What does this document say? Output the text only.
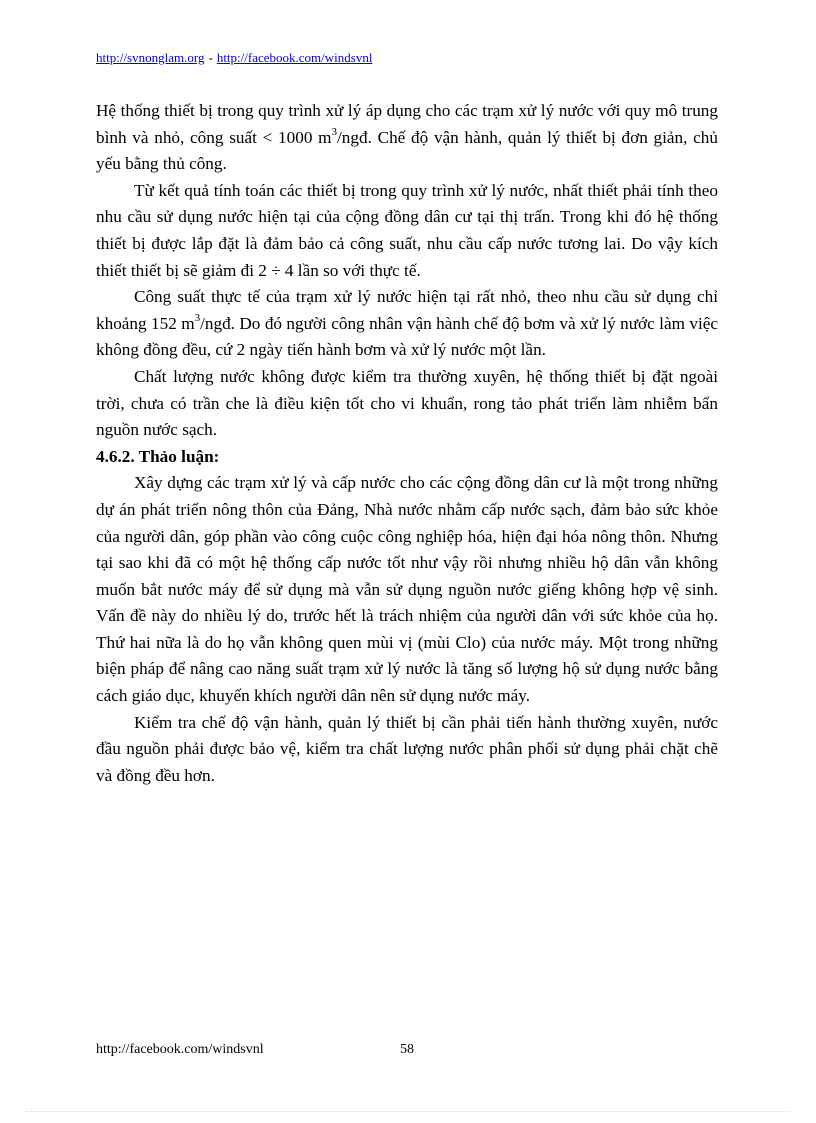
http://svnonglam.org - http://facebook.com/windsvnl

Hệ thống thiết bị trong quy trình xử lý áp dụng cho các trạm xử lý nước với quy mô trung bình và nhỏ, công suất < 1000 $m^3$/ngđ. Chế độ vận hành, quản lý thiết bị đơn giản, chủ yếu bằng thủ công.

Từ kết quả tính toán các thiết bị trong quy trình xử lý nước, nhất thiết phải tính theo nhu cầu sử dụng nước hiện tại của cộng đồng dân cư tại thị trấn. Trong khi đó hệ thống thiết bị được lắp đặt là đảm bảo cả công suất, nhu cầu cấp nước tương lai. Do vậy kích thiết thiết bị sẽ giảm đi 2 ÷ 4 lần so với thực tế.

Công suất thực tế của trạm xử lý nước hiện tại rất nhỏ, theo nhu cầu sử dụng chỉ khoảng 152 $m^3$/ngđ. Do đó người công nhân vận hành chế độ bơm và xử lý nước làm việc không đồng đều, cứ 2 ngày tiến hành bơm và xử lý nước một lần.

Chất lượng nước không được kiểm tra thường xuyên, hệ thống thiết bị đặt ngoài trời, chưa có trần che là điều kiện tốt cho vi khuẩn, rong tảo phát triển làm nhiễm bẩn nguồn nước sạch.

4.6.2. Thảo luận:

Xây dựng các trạm xử lý và cấp nước cho các cộng đồng dân cư là một trong những dự án phát triển nông thôn của Đảng, Nhà nước nhằm cấp nước sạch, đảm bảo sức khỏe của người dân, góp phần vào công cuộc công nghiệp hóa, hiện đại hóa nông thôn. Nhưng tại sao khi đã có một hệ thống cấp nước tốt như vậy rồi nhưng nhiều hộ dân vẫn không muốn bắt nước máy để sử dụng mà vẫn sử dụng nguồn nước giếng không hợp vệ sinh. Vấn đề này do nhiều lý do, trước hết là trách nhiệm của người dân với sức khỏe của họ. Thứ hai nữa là do họ vẫn không quen mùi vị (mùi Clo) của nước máy. Một trong những biện pháp để nâng cao năng suất trạm xử lý nước là tăng số lượng hộ sử dụng nước bằng cách giáo dục, khuyến khích người dân nên sử dụng nước máy.

Kiểm tra chế độ vận hành, quản lý thiết bị cần phải tiến hành thường xuyên, nước đầu nguồn phải được bảo vệ, kiểm tra chất lượng nước phân phối sử dụng phải chặt chẽ và đồng đều hơn.

http://facebook.com/windsvnl	58
